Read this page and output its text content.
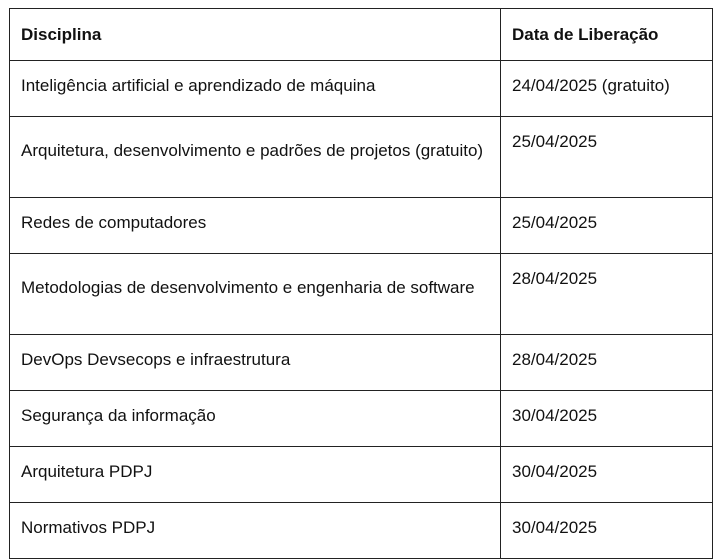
Disciplina	Data de Liberação
Inteligência artificial e aprendizado de máquina	24/04/2025 (gratuito)
Arquitetura, desenvolvimento e padrões de projetos (gratuito)	25/04/2025
Redes de computadores	25/04/2025
Metodologias de desenvolvimento e engenharia de software	28/04/2025
DevOps Devsecops e infraestrutura	28/04/2025
Segurança da informação	30/04/2025
Arquitetura PDPJ	30/04/2025
Normativos PDPJ	30/04/2025
